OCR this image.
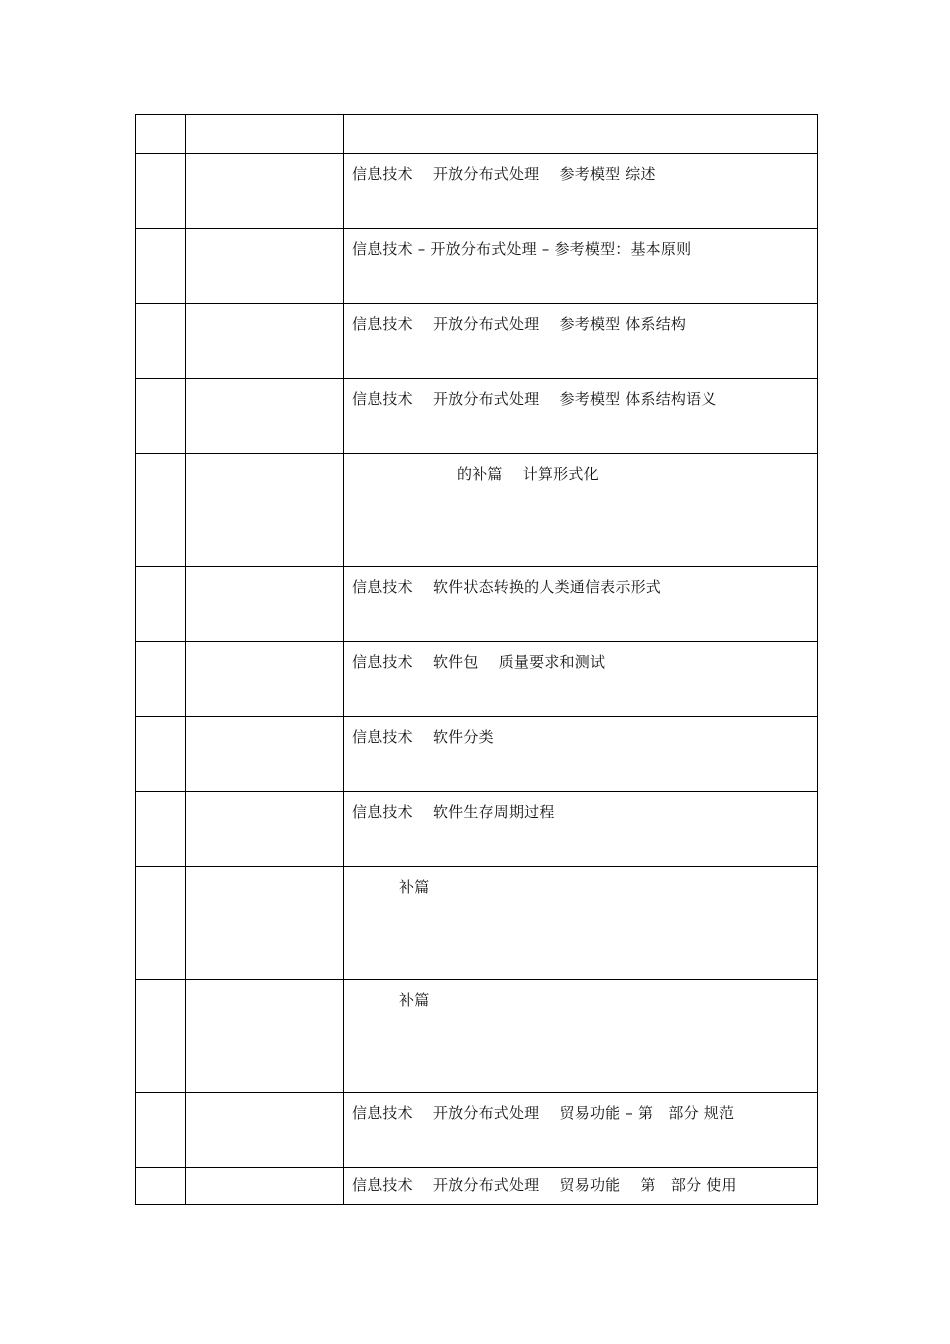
		信息技术　 开放分布式处理　 参考模型 综述

		信息技术 – 开放分布式处理 – 参考模型：基本原则

		信息技术　 开放分布式处理　 参考模型 体系结构

		信息技术　 开放分布式处理　 参考模型 体系结构语义

		的补篇　 计算形式化

		信息技术　 软件状态转换的人类通信表示形式

		信息技术　 软件包　 质量要求和测试

		信息技术　 软件分类

		信息技术　 软件生存周期过程

		补篇

		补篇

		信息技术　 开放分布式处理　 贸易功能 – 第　部分 规范

		信息技术　 开放分布式处理　 贸易功能　 第　部分 使用
